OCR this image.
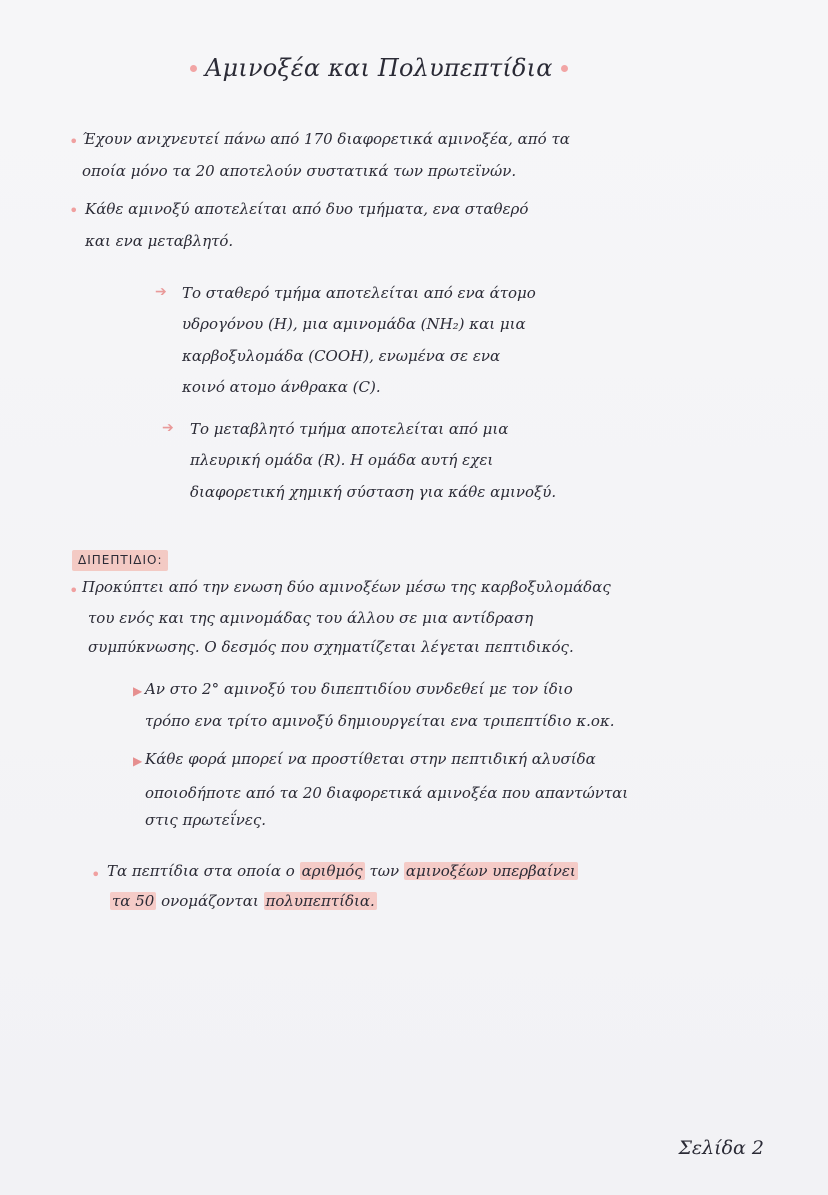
Αμινοξέα και Πολυπεπτίδια
• Έχουν ανιχνευτεί πάνω από 170 διαφορετικά αμινοξέα, από τα
οποία μόνο τα 20 αποτελούν συστατικά των πρωτεϊνών.
• Κάθε αμινοξύ αποτελείται από δυο τμήματα, ενα σταθερό
και ενα μεταβλητό.
➔ Το σταθερό τμήμα αποτελείται από ενα άτομο
υδρογόνου (Η), μια αμινομάδα (ΝΗ₂) και μια
καρβοξυλομάδα (COOH), ενωμένα σε ενα
κοινό ατομο άνθρακα (C).
➔ Το μεταβλητό τμήμα αποτελείται από μια
πλευρική ομάδα (R). Η ομάδα αυτή εχει
διαφορετική χημική σύσταση για κάθε αμινοξύ.
ΔΙΠΕΠΤΙΔΙΟ:
• Προκύπτει από την ενωση δύο αμινοξέων μέσω της καρβοξυλομάδας
του ενός και της αμινομάδας του άλλου σε μια αντίδραση
συμπύκνωσης. Ο δεσμός που σχηματίζεται λέγεται πεπτιδικός.
▶ Αν στο 2° αμινοξύ του διπεπτιδίου συνδεθεί με τον ίδιο
τρόπο ενα τρίτο αμινοξύ δημιουργείται ενα τριπεπτίδιο κ.οκ.
▶ Κάθε φορά μπορεί να προστίθεται στην πεπτιδική αλυσίδα
οποιοδήποτε από τα 20 διαφορετικά αμινοξέα που απαντώνται
στις πρωτεΐνες.
• Τα πεπτίδια στα οποία ο αριθμός των αμινοξέων υπερβαίνει
τα 50 ονομάζονται πολυπεπτίδια.
Σελίδα 2
